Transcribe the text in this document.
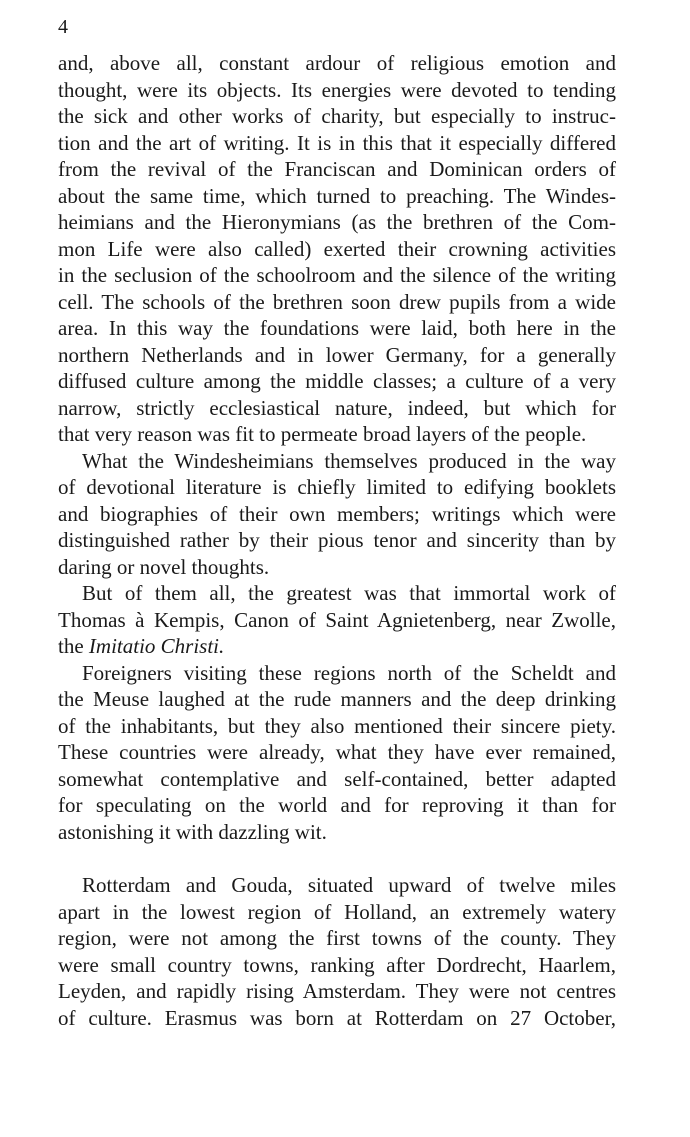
4
and, above all, constant ardour of religious emotion and
thought, were its objects. Its energies were devoted to tending
the sick and other works of charity, but especially to instruc-
tion and the art of writing. It is in this that it especially differed
from the revival of the Franciscan and Dominican orders of
about the same time, which turned to preaching. The Windes-
heimians and the Hieronymians (as the brethren of the Com-
mon Life were also called) exerted their crowning activities
in the seclusion of the schoolroom and the silence of the writing
cell. The schools of the brethren soon drew pupils from a wide
area. In this way the foundations were laid, both here in the
northern Netherlands and in lower Germany, for a generally
diffused culture among the middle classes; a culture of a very
narrow, strictly ecclesiastical nature, indeed, but which for
that very reason was fit to permeate broad layers of the people.
What the Windesheimians themselves produced in the way
of devotional literature is chiefly limited to edifying booklets
and biographies of their own members; writings which were
distinguished rather by their pious tenor and sincerity than by
daring or novel thoughts.
But of them all, the greatest was that immortal work of
Thomas à Kempis, Canon of Saint Agnietenberg, near Zwolle,
the Imitatio Christi.
Foreigners visiting these regions north of the Scheldt and
the Meuse laughed at the rude manners and the deep drinking
of the inhabitants, but they also mentioned their sincere piety.
These countries were already, what they have ever remained,
somewhat contemplative and self-contained, better adapted
for speculating on the world and for reproving it than for
astonishing it with dazzling wit.
Rotterdam and Gouda, situated upward of twelve miles
apart in the lowest region of Holland, an extremely watery
region, were not among the first towns of the county. They
were small country towns, ranking after Dordrecht, Haarlem,
Leyden, and rapidly rising Amsterdam. They were not centres
of culture. Erasmus was born at Rotterdam on 27 October,
